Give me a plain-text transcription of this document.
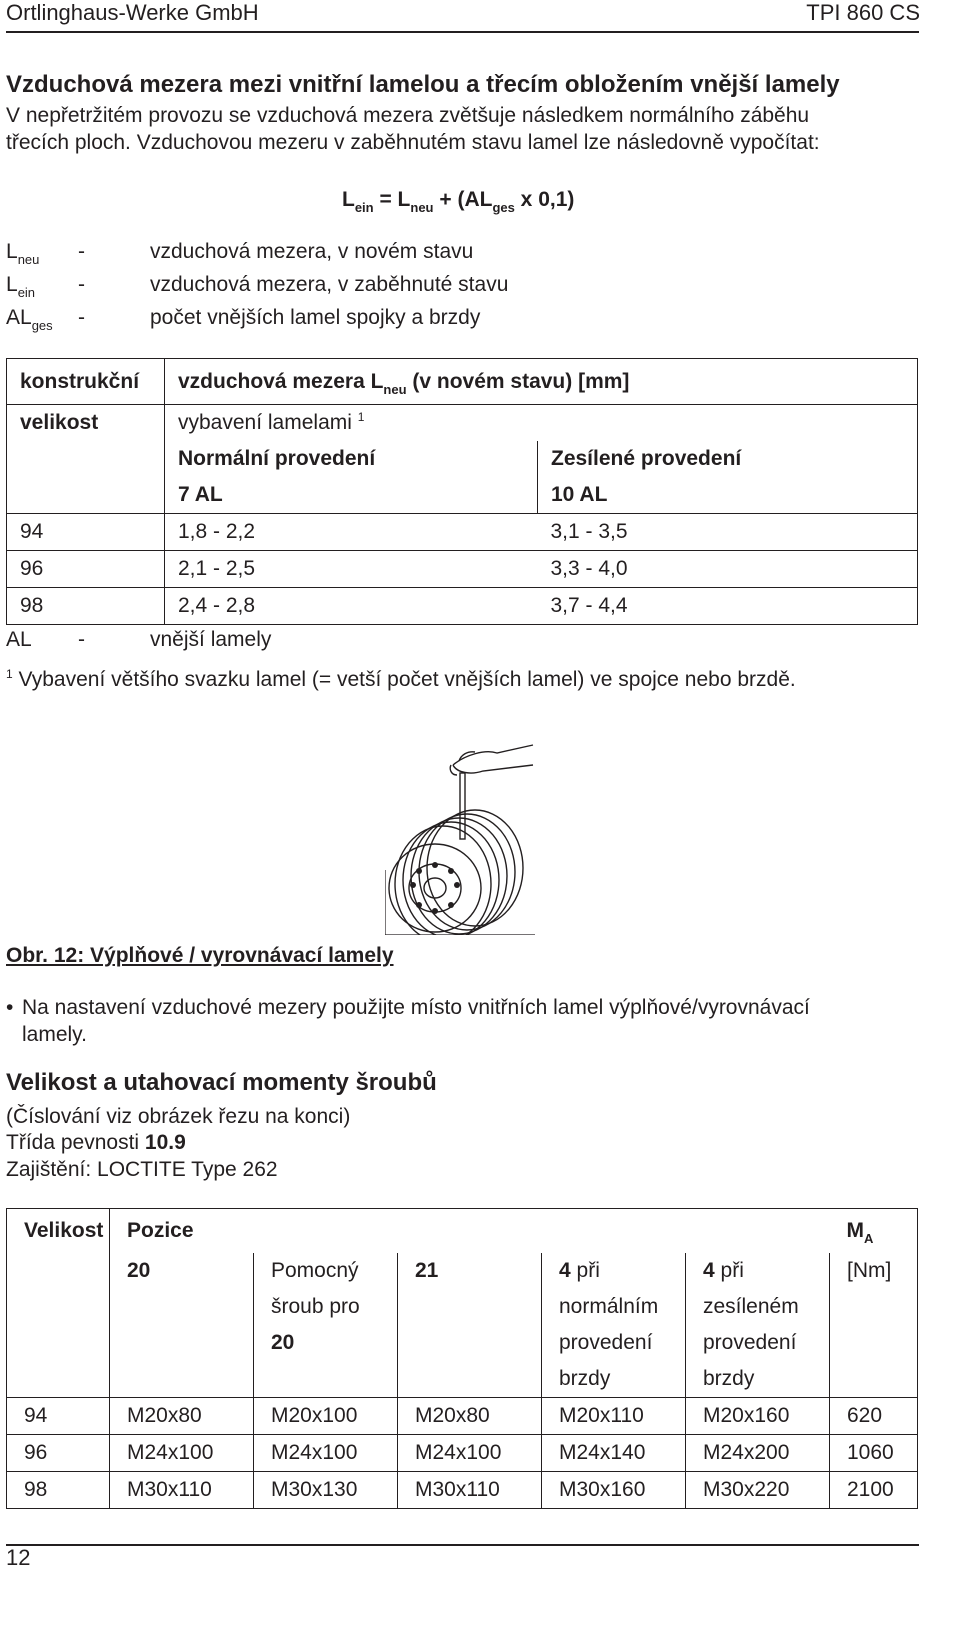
Ortlinghaus-Werke GmbH	TPI 860 CS
Vzduchová mezera mezi vnitřní lamelou a třecím obložením vnější lamely
V nepřetržitém provozu se vzduchová mezera zvětšuje následkem normálního záběhu
třecích ploch. Vzduchovou mezeru v zaběhnutém stavu lamel lze následovně vypočítat:
$L_{ein} = L_{neu} + (AL_{ges}$ x 0,1)
$L_{neu}$ -	vzduchová mezera, v novém stavu
$L_{ein}$ -	vzduchová mezera, v zaběhnuté stavu
$AL_{ges}$ -	počet vnějších lamel spojky a brzdy
konstrukční	vzduchová mezera $L_{neu}$ (v novém stavu) [mm]	
velikost	vybavení lamelami $^1$
	Normální provedení	Zesílené provedení
	7 AL	10 AL
94	1,8 - 2,2	3,1 - 3,5
96	2,1 - 2,5	3,3 - 4,0
98	2,4 - 2,8	3,7 - 4,4
AL -	vnější lamely
$^1$ Vybavení většího svazku lamel (= vetší počet vnějších lamel) ve spojce nebo brzdě.
Obr. 12: Výplňové / vyrovnávací lamely
• Na nastavení vzduchové mezery použijte místo vnitřních lamel výplňové/vyrovnávací
lamely.
Velikost a utahovací momenty šroubů
(Číslování viz obrázek řezu na konci)
Třída pevnosti 10.9
Zajištění: LOCTITE Type 262
Velikost	Pozice					$M_A$
	20	Pomocný	21	4 při	4 při	[Nm]
		šroub pro		normálním	zesíleném	
		20		provedení	provedení	
				brzdy	brzdy	
94	M20x80	M20x100	M20x80	M20x110	M20x160	620
96	M24x100	M24x100	M24x100	M24x140	M24x200	1060
98	M30x110	M30x130	M30x110	M30x160	M30x220	2100
12
